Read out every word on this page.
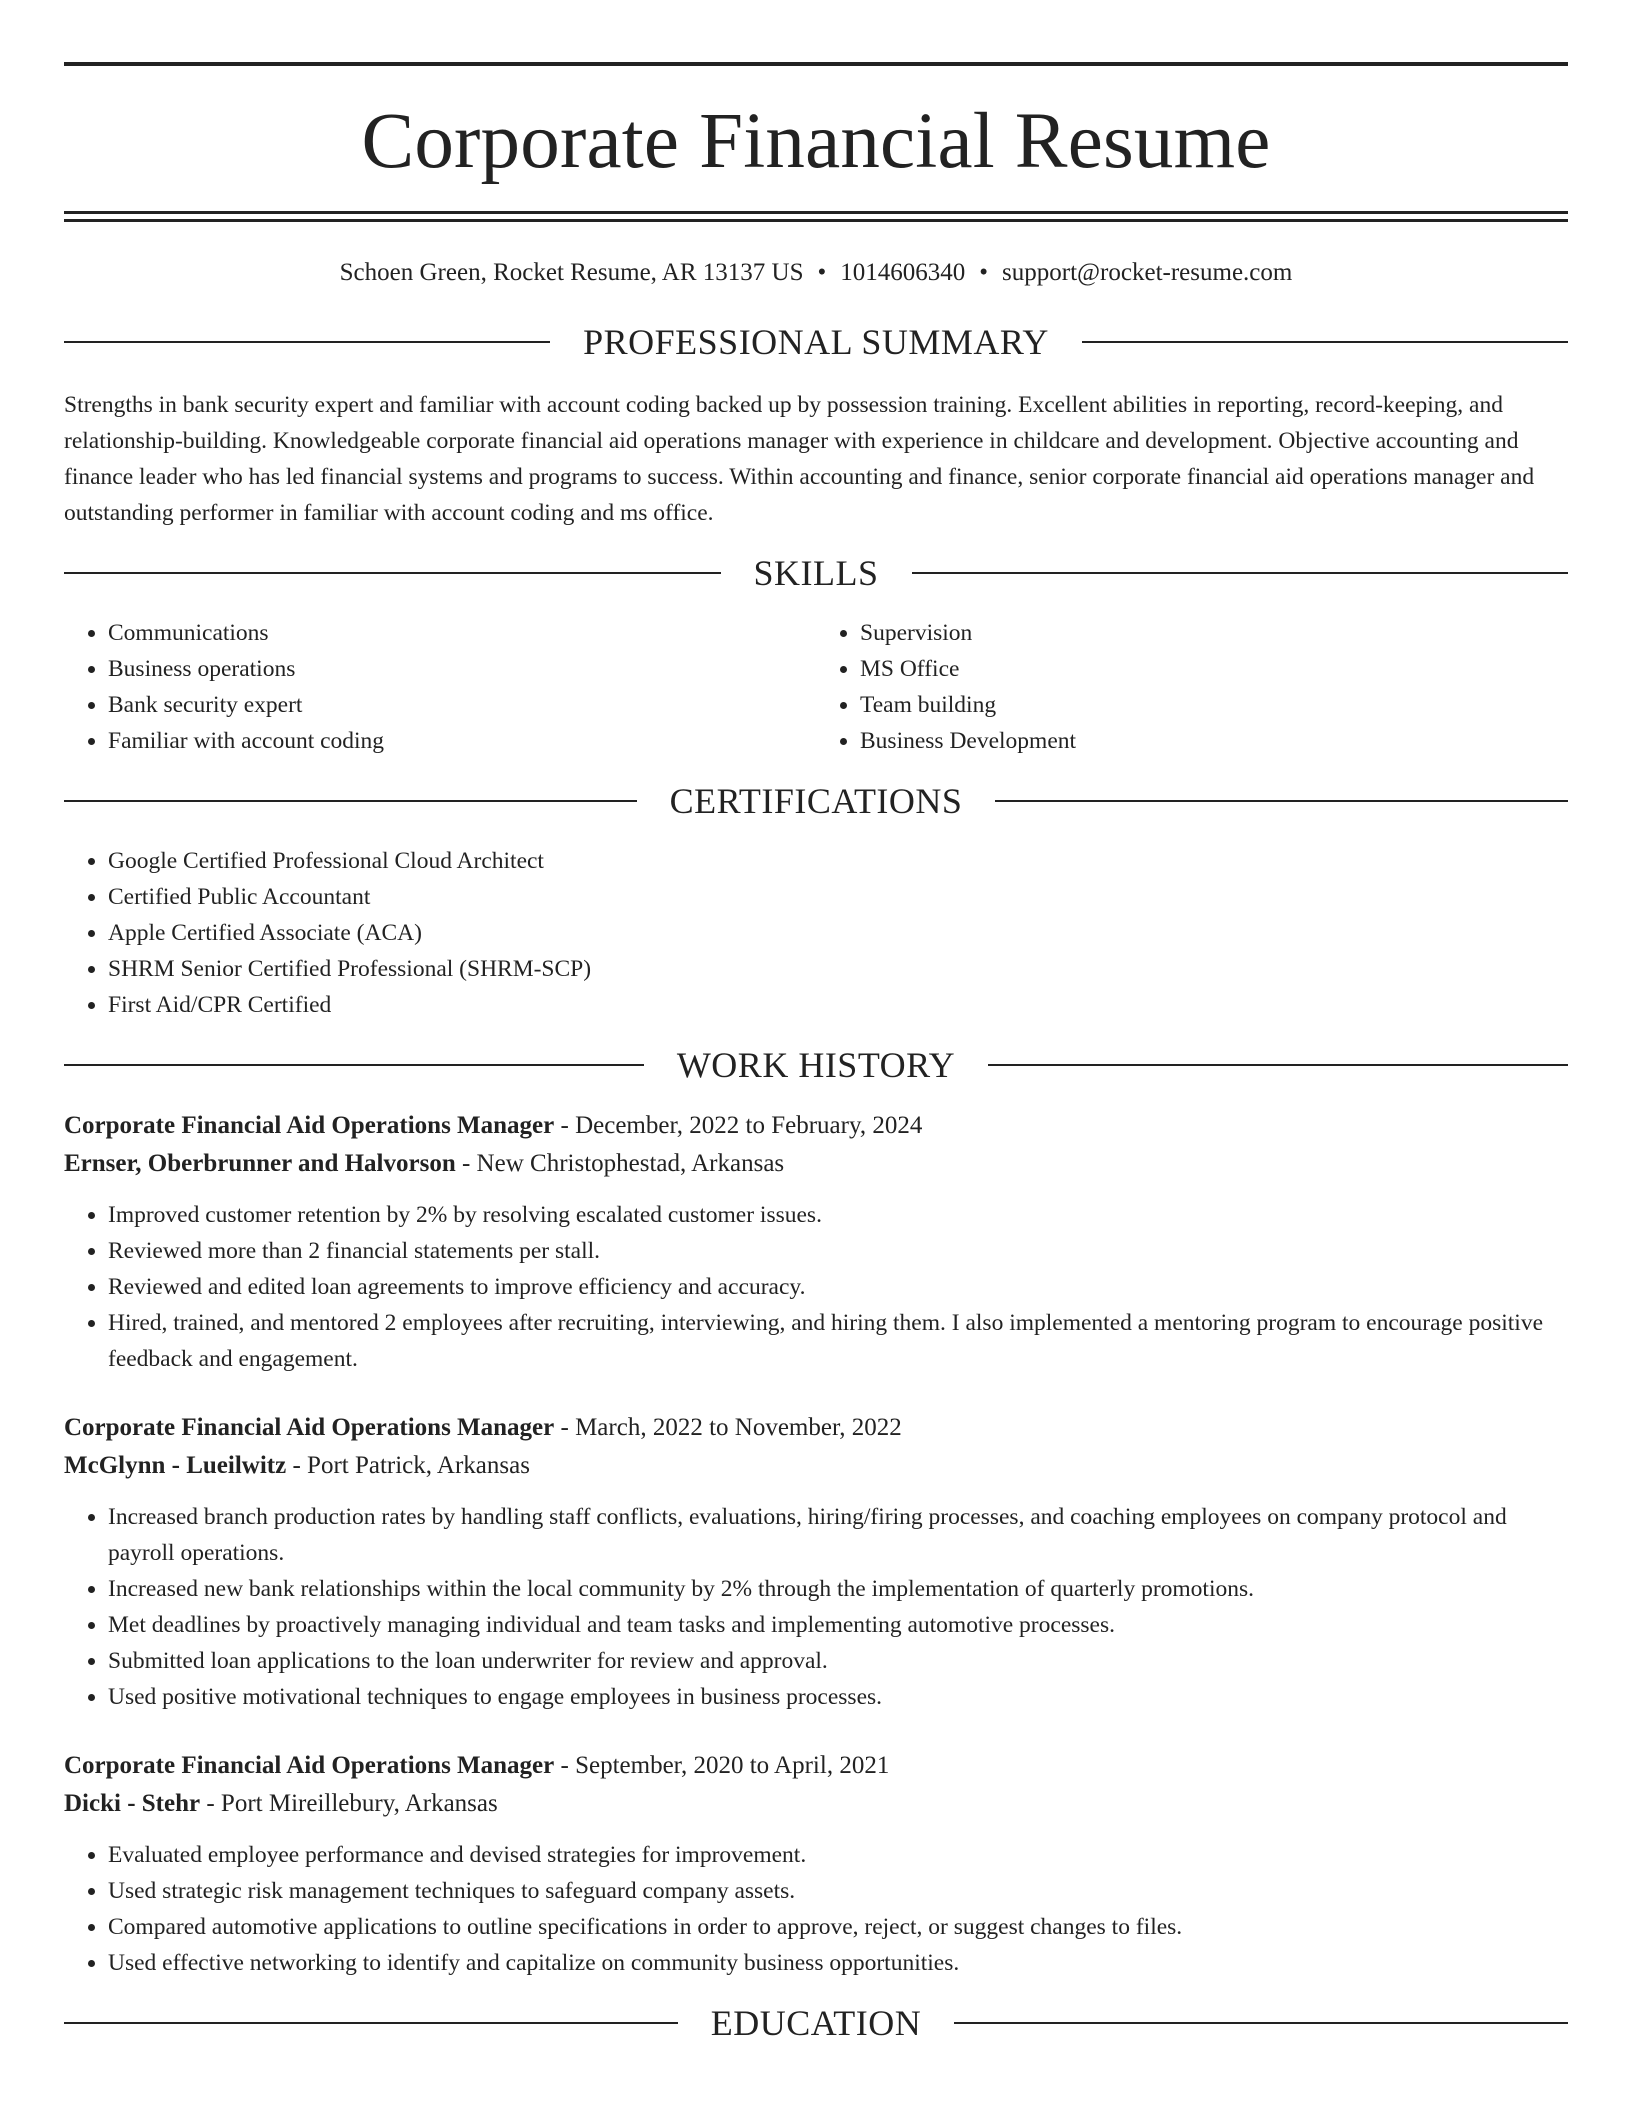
Corporate Financial Resume
Schoen Green, Rocket Resume, AR 13137 US • 1014606340 • support@rocket-resume.com
PROFESSIONAL SUMMARY
Strengths in bank security expert and familiar with account coding backed up by possession training. Excellent abilities in reporting, record-keeping, and relationship-building. Knowledgeable corporate financial aid operations manager with experience in childcare and development. Objective accounting and finance leader who has led financial systems and programs to success. Within accounting and finance, senior corporate financial aid operations manager and outstanding performer in familiar with account coding and ms office.
SKILLS
• Communications
• Business operations
• Bank security expert
• Familiar with account coding
• Supervision
• MS Office
• Team building
• Business Development
CERTIFICATIONS
• Google Certified Professional Cloud Architect
• Certified Public Accountant
• Apple Certified Associate (ACA)
• SHRM Senior Certified Professional (SHRM-SCP)
• First Aid/CPR Certified
WORK HISTORY
Corporate Financial Aid Operations Manager - December, 2022 to February, 2024
Ernser, Oberbrunner and Halvorson - New Christophestad, Arkansas
• Improved customer retention by 2% by resolving escalated customer issues.
• Reviewed more than 2 financial statements per stall.
• Reviewed and edited loan agreements to improve efficiency and accuracy.
• Hired, trained, and mentored 2 employees after recruiting, interviewing, and hiring them. I also implemented a mentoring program to encourage positive feedback and engagement.
Corporate Financial Aid Operations Manager - March, 2022 to November, 2022
McGlynn - Lueilwitz - Port Patrick, Arkansas
• Increased branch production rates by handling staff conflicts, evaluations, hiring/firing processes, and coaching employees on company protocol and payroll operations.
• Increased new bank relationships within the local community by 2% through the implementation of quarterly promotions.
• Met deadlines by proactively managing individual and team tasks and implementing automotive processes.
• Submitted loan applications to the loan underwriter for review and approval.
• Used positive motivational techniques to engage employees in business processes.
Corporate Financial Aid Operations Manager - September, 2020 to April, 2021
Dicki - Stehr - Port Mireillebury, Arkansas
• Evaluated employee performance and devised strategies for improvement.
• Used strategic risk management techniques to safeguard company assets.
• Compared automotive applications to outline specifications in order to approve, reject, or suggest changes to files.
• Used effective networking to identify and capitalize on community business opportunities.
EDUCATION
